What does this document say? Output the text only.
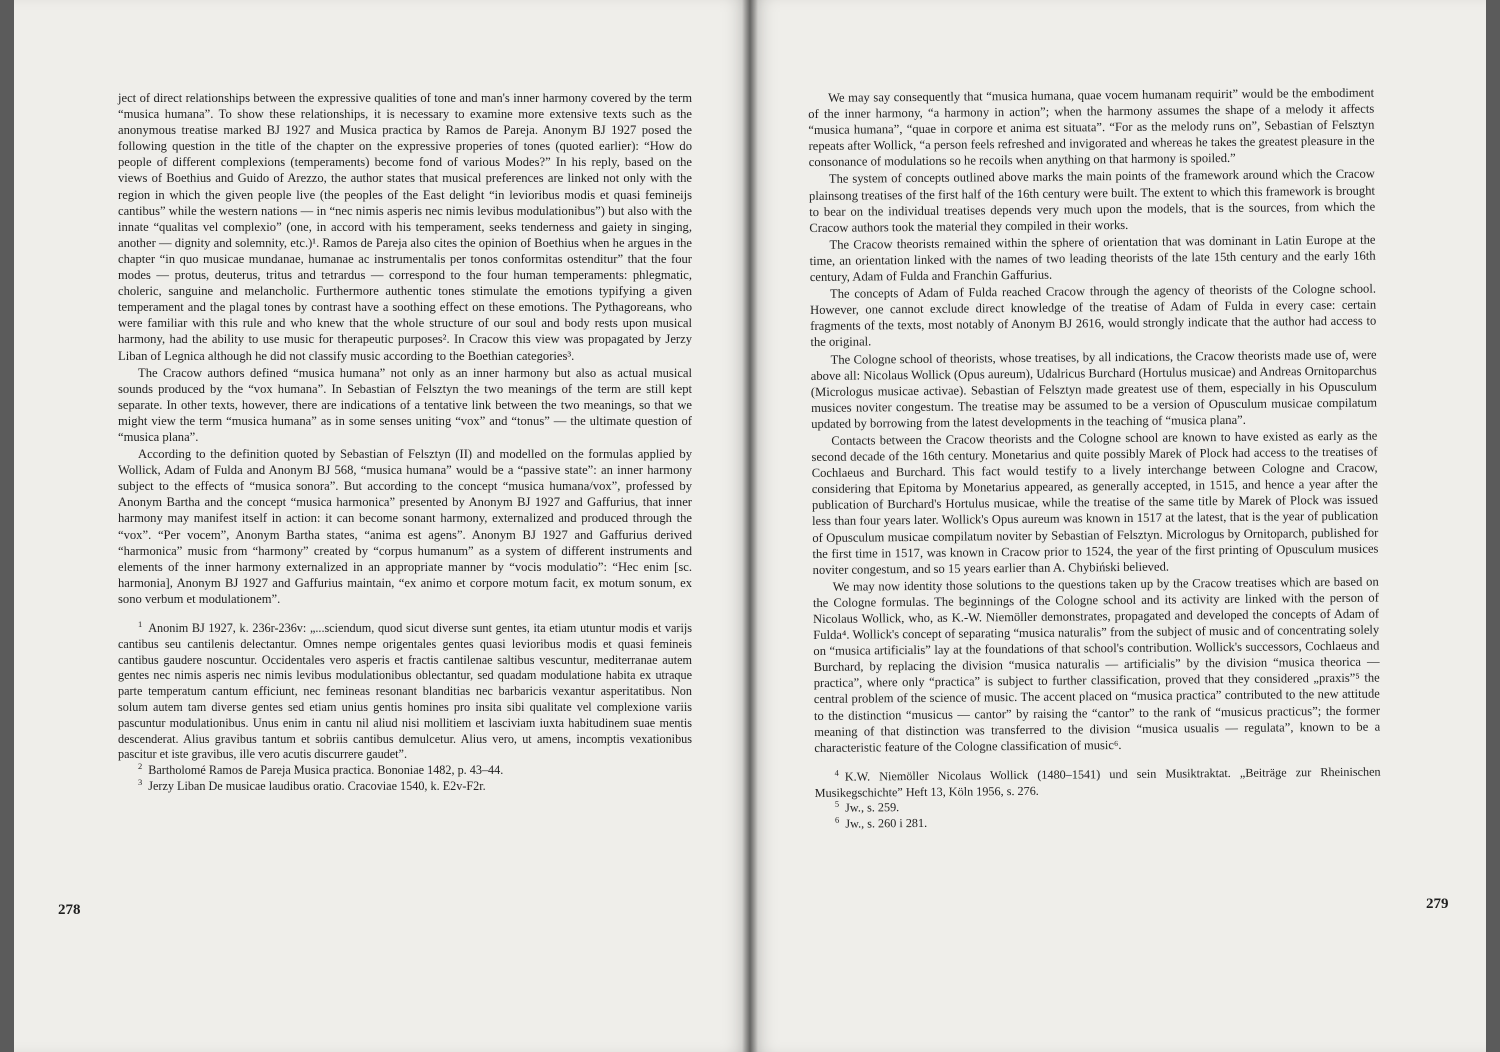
ject of direct relationships between the expressive qualities of tone and man's inner harmony covered by the term “musica humana”. To show these relationships, it is necessary to examine more extensive texts such as the anonymous treatise marked BJ 1927 and Musica practica by Ramos de Pareja. Anonym BJ 1927 posed the following question in the title of the chapter on the expressive properies of tones (quoted earlier): “How do people of different complexions (temperaments) become fond of various Modes?” In his reply, based on the views of Boethius and Guido of Arezzo, the author states that musical preferences are linked not only with the region in which the given people live (the peoples of the East delight “in levioribus modis et quasi femineijs cantibus” while the western nations — in “nec nimis asperis nec nimis levibus modulationibus”) but also with the innate “qualitas vel complexio” (one, in accord with his temperament, seeks tenderness and gaiety in singing, another — dignity and solemnity, etc.)¹. Ramos de Pareja also cites the opinion of Boethius when he argues in the chapter “in quo musicae mundanae, humanae ac instrumentalis per tonos conformitas ostenditur” that the four modes — protus, deuterus, tritus and tetrardus — correspond to the four human temperaments: phlegmatic, choleric, sanguine and melancholic. Furthermore authentic tones stimulate the emotions typifying a given temperament and the plagal tones by contrast have a soothing effect on these emotions. The Pythagoreans, who were familiar with this rule and who knew that the whole structure of our soul and body rests upon musical harmony, had the ability to use music for therapeutic purposes². In Cracow this view was propagated by Jerzy Liban of Legnica although he did not classify music according to the Boethian categories³.

The Cracow authors defined “musica humana” not only as an inner harmony but also as actual musical sounds produced by the “vox humana”. In Sebastian of Felsztyn the two meanings of the term are still kept separate. In other texts, however, there are indications of a tentative link between the two meanings, so that we might view the term “musica humana” as in some senses uniting “vox” and “tonus” — the ultimate question of “musica plana”.

According to the definition quoted by Sebastian of Felsztyn (II) and modelled on the formulas applied by Wollick, Adam of Fulda and Anonym BJ 568, “musica humana” would be a “passive state”: an inner harmony subject to the effects of “musica sonora”. But according to the concept “musica humana/vox”, professed by Anonym Bartha and the concept “musica harmonica” presented by Anonym BJ 1927 and Gaffurius, that inner harmony may manifest itself in action: it can become sonant harmony, externalized and produced through the “vox”. “Per vocem”, Anonym Bartha states, “anima est agens”. Anonym BJ 1927 and Gaffurius derived “harmonica” music from “harmony” created by “corpus humanum” as a system of different instruments and elements of the inner harmony externalized in an appropriate manner by “vocis modulatio”: “Hec enim [sc. harmonia], Anonym BJ 1927 and Gaffurius maintain, “ex animo et corpore motum facit, ex motum sonum, ex sono verbum et modulationem”.

$^1$ Anonim BJ 1927, k. 236r-236v: „...sciendum, quod sicut diverse sunt gentes, ita etiam utuntur modis et varijs cantibus seu cantilenis delectantur. Omnes nempe origentales gentes quasi levioribus modis et quasi femineis cantibus gaudere noscuntur. Occidentales vero asperis et fractis cantilenae saltibus vescuntur, mediterranae autem gentes nec nimis asperis nec nimis levibus modulationibus oblectantur, sed quadam modulatione habita ex utraque parte temperatum cantum efficiunt, nec femineas resonant blanditias nec barbaricis vexantur asperitatibus. Non solum autem tam diverse gentes sed etiam unius gentis homines pro insita sibi qualitate vel complexione variis pascuntur modulationibus. Unus enim in cantu nil aliud nisi mollitiem et lasciviam iuxta habitudinem suae mentis descenderat. Alius gravibus tantum et sobriis cantibus demulcetur. Alius vero, ut amens, incomptis vexationibus pascitur et iste gravibus, ille vero acutis discurrere gaudet”.

$^2$ Bartholomé Ramos de Pareja Musica practica. Bononiae 1482, p. 43–44.

$^3$ Jerzy Liban De musicae laudibus oratio. Cracoviae 1540, k. E2v-F2r.

278

We may say consequently that “musica humana, quae vocem humanam requirit” would be the embodiment of the inner harmony, “a harmony in action”; when the harmony assumes the shape of a melody it affects “musica humana”, “quae in corpore et anima est situata”. “For as the melody runs on”, Sebastian of Felsztyn repeats after Wollick, “a person feels refreshed and invigorated and whereas he takes the greatest pleasure in the consonance of modulations so he recoils when anything on that harmony is spoiled.”

The system of concepts outlined above marks the main points of the framework around which the Cracow plainsong treatises of the first half of the 16th century were built. The extent to which this framework is brought to bear on the individual treatises depends very much upon the models, that is the sources, from which the Cracow authors took the material they compiled in their works.

The Cracow theorists remained within the sphere of orientation that was dominant in Latin Europe at the time, an orientation linked with the names of two leading theorists of the late 15th century and the early 16th century, Adam of Fulda and Franchin Gaffurius.

The concepts of Adam of Fulda reached Cracow through the agency of theorists of the Cologne school. However, one cannot exclude direct knowledge of the treatise of Adam of Fulda in every case: certain fragments of the texts, most notably of Anonym BJ 2616, would strongly indicate that the author had access to the original.

The Cologne school of theorists, whose treatises, by all indications, the Cracow theorists made use of, were above all: Nicolaus Wollick (Opus aureum), Udalricus Burchard (Hortulus musicae) and Andreas Ornitoparchus (Micrologus musicae activae). Sebastian of Felsztyn made greatest use of them, especially in his Opusculum musices noviter congestum. The treatise may be assumed to be a version of Opusculum musicae compilatum updated by borrowing from the latest developments in the teaching of “musica plana”.

Contacts between the Cracow theorists and the Cologne school are known to have existed as early as the second decade of the 16th century. Monetarius and quite possibly Marek of Plock had access to the treatises of Cochlaeus and Burchard. This fact would testify to a lively interchange between Cologne and Cracow, considering that Epitoma by Monetarius appeared, as generally accepted, in 1515, and hence a year after the publication of Burchard's Hortulus musicae, while the treatise of the same title by Marek of Plock was issued less than four years later. Wollick's Opus aureum was known in 1517 at the latest, that is the year of publication of Opusculum musicae compilatum noviter by Sebastian of Felsztyn. Micrologus by Ornitoparch, published for the first time in 1517, was known in Cracow prior to 1524, the year of the first printing of Opusculum musices noviter congestum, and so 15 years earlier than A. Chybiński believed.

We may now identity those solutions to the questions taken up by the Cracow treatises which are based on the Cologne formulas. The beginnings of the Cologne school and its activity are linked with the person of Nicolaus Wollick, who, as K.-W. Niemöller demonstrates, propagated and developed the concepts of Adam of Fulda⁴. Wollick's concept of separating “musica naturalis” from the subject of music and of concentrating solely on “musica artificialis” lay at the foundations of that school's contribution. Wollick's successors, Cochlaeus and Burchard, by replacing the division “musica naturalis — artificialis” by the division “musica theorica — practica”, where only “practica” is subject to further classification, proved that they considered „praxis”⁵ the central problem of the science of music. The accent placed on “musica practica” contributed to the new attitude to the distinction “musicus — cantor” by raising the “cantor” to the rank of “musicus practicus”; the former meaning of that distinction was transferred to the division “musica usualis — regulata”, known to be a characteristic feature of the Cologne classification of music⁶.

$^4$ K.W. Niemöller Nicolaus Wollick (1480–1541) und sein Musiktraktat. „Beiträge zur Rheinischen Musikegschichte” Heft 13, Köln 1956, s. 276.

$^5$ Jw., s. 259.

$^6$ Jw., s. 260 i 281.

279
